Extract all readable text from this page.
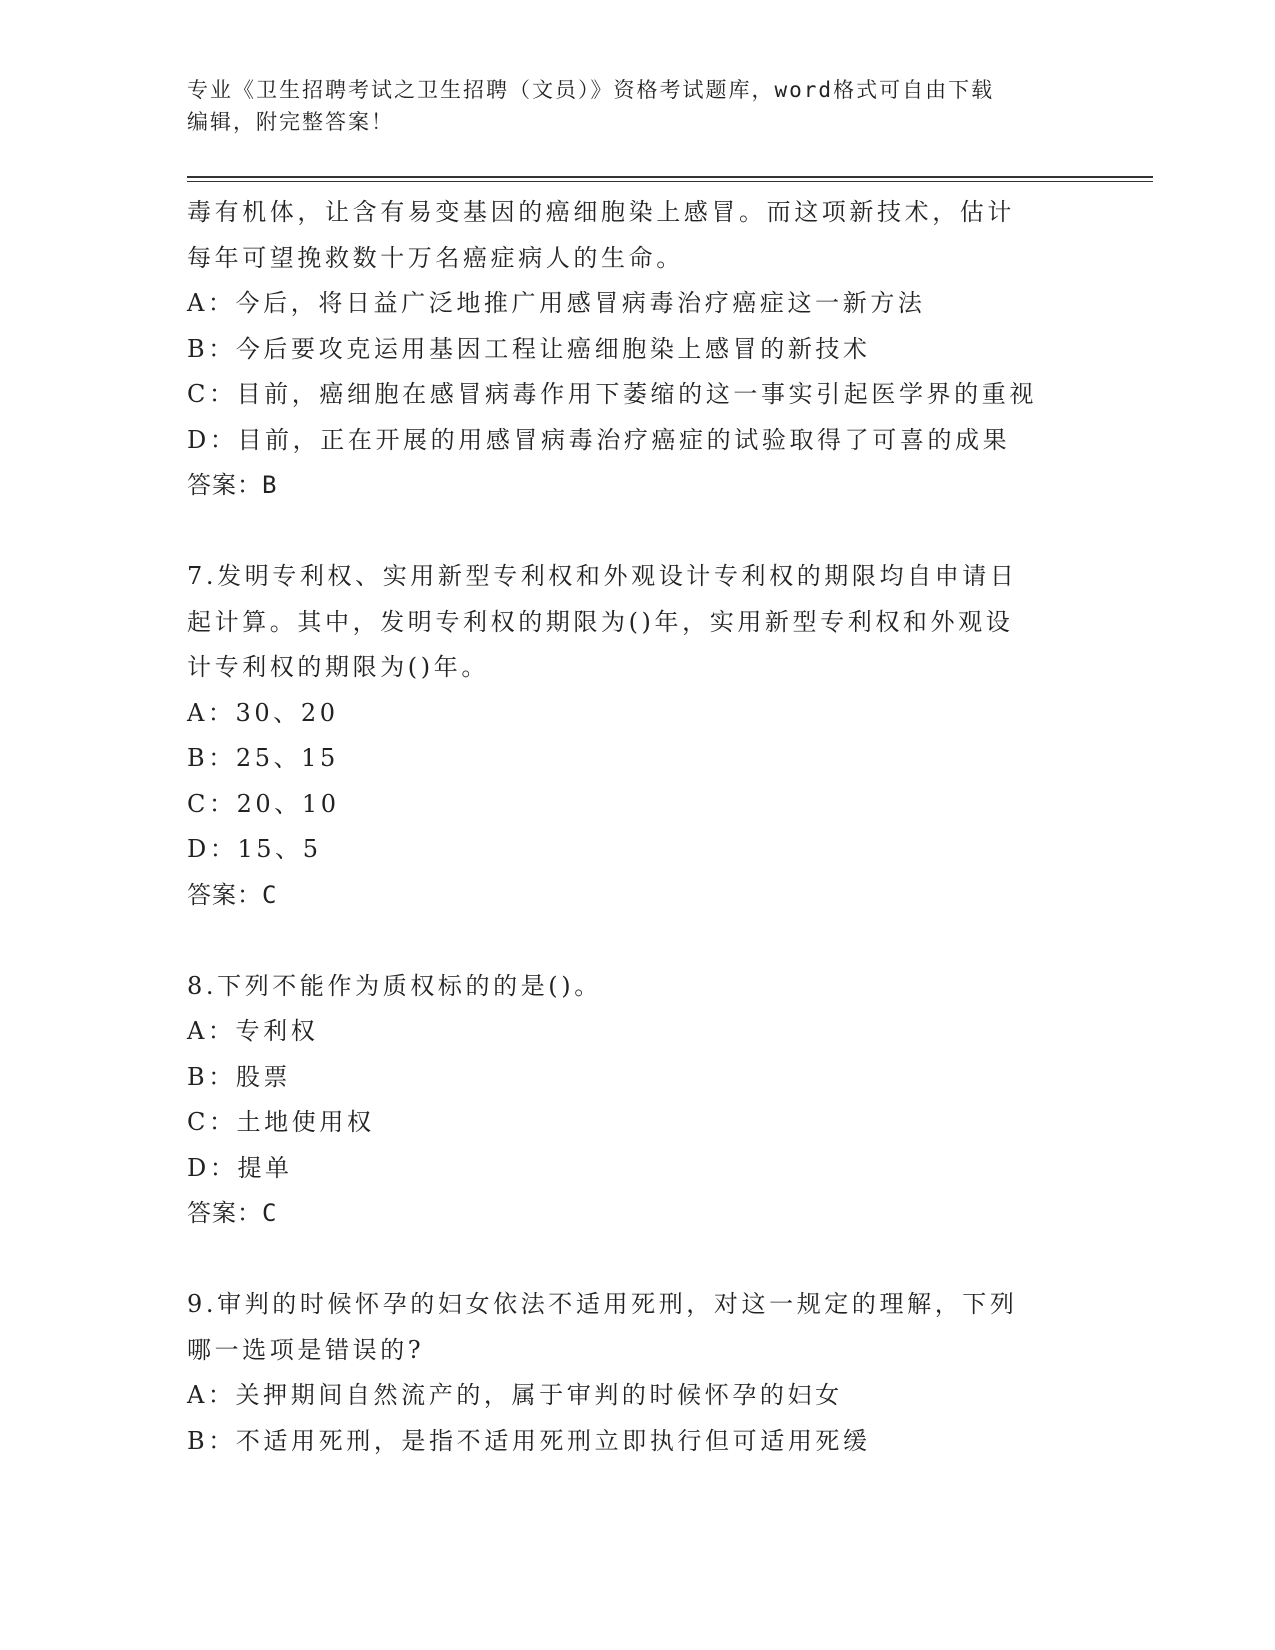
专业《卫生招聘考试之卫生招聘（文员）》资格考试题库，word格式可自由下载
编辑，附完整答案！
毒有机体，让含有易变基因的癌细胞染上感冒。而这项新技术，估计
每年可望挽救数十万名癌症病人的生命。
A：今后，将日益广泛地推广用感冒病毒治疗癌症这一新方法
B：今后要攻克运用基因工程让癌细胞染上感冒的新技术
C：目前，癌细胞在感冒病毒作用下萎缩的这一事实引起医学界的重视
D：目前，正在开展的用感冒病毒治疗癌症的试验取得了可喜的成果
答案：B
7.发明专利权、实用新型专利权和外观设计专利权的期限均自申请日
起计算。其中，发明专利权的期限为()年，实用新型专利权和外观设
计专利权的期限为()年。
A：30、20
B：25、15
C：20、10
D：15、5
答案：C
8.下列不能作为质权标的的是()。
A：专利权
B：股票
C：土地使用权
D：提单
答案：C
9.审判的时候怀孕的妇女依法不适用死刑，对这一规定的理解，下列
哪一选项是错误的?
A：关押期间自然流产的，属于审判的时候怀孕的妇女
B：不适用死刑，是指不适用死刑立即执行但可适用死缓
